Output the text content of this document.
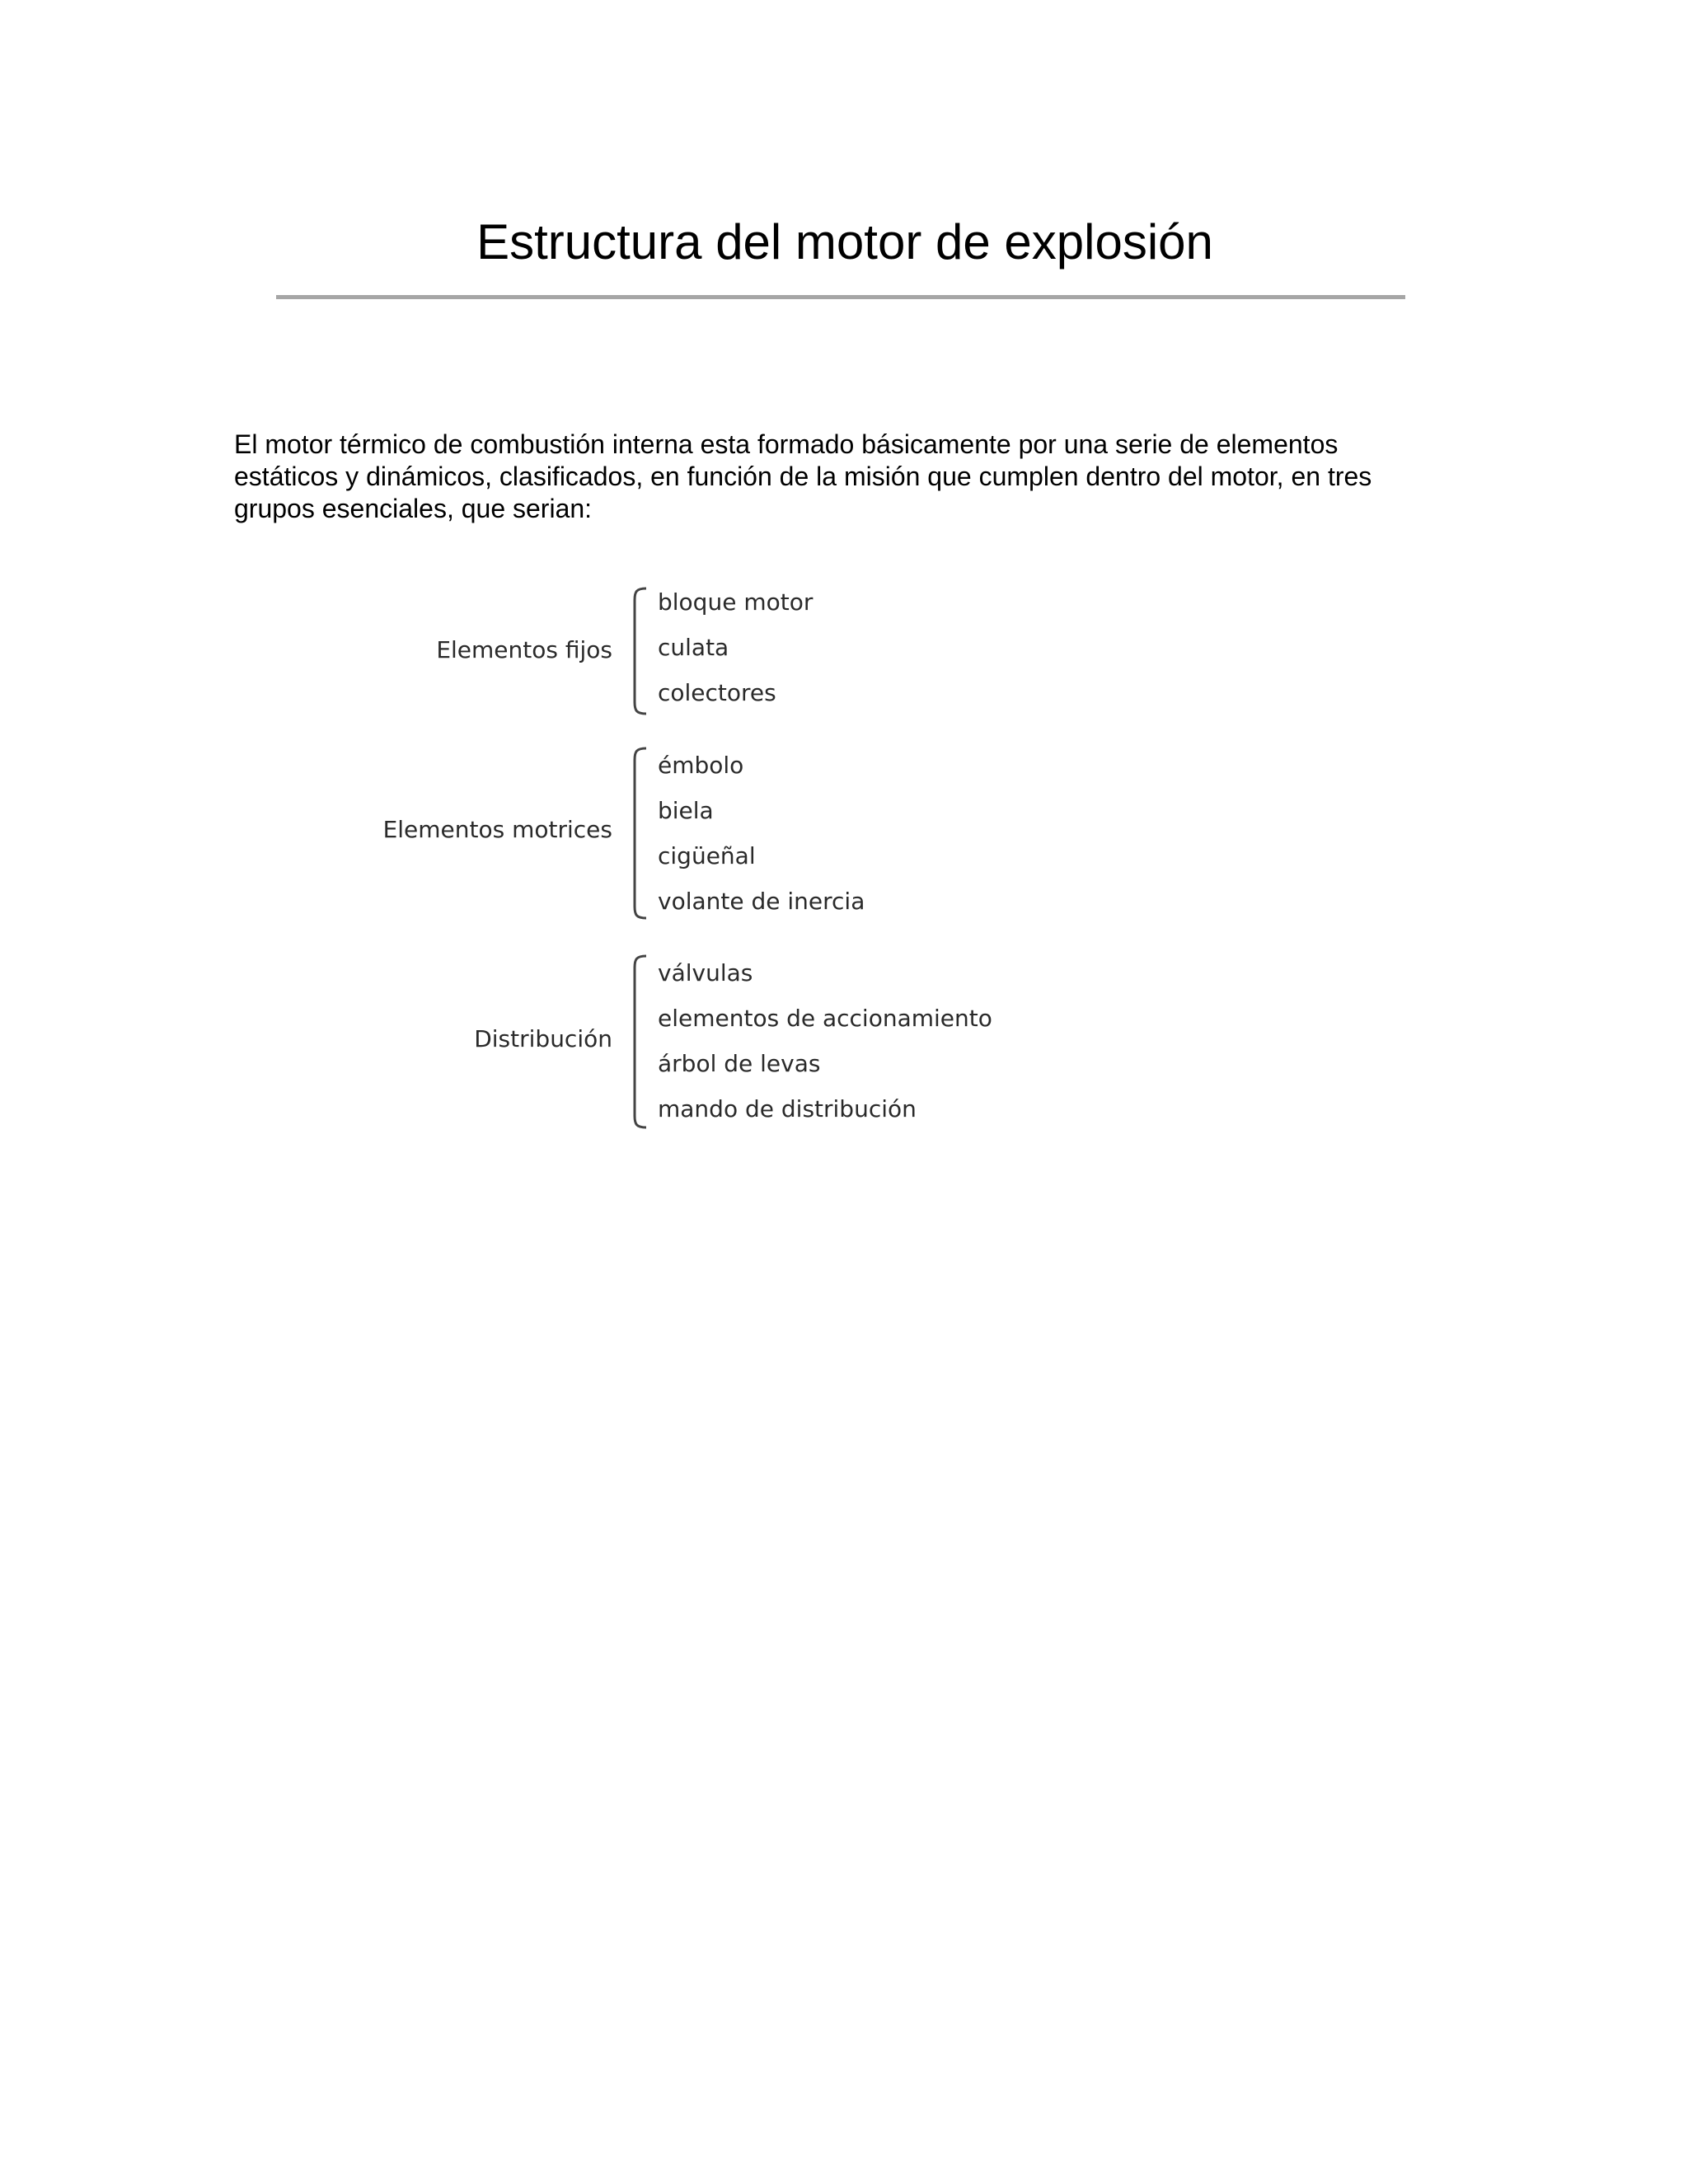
Estructura del motor de explosión

El motor térmico de combustión interna esta formado básicamente por una serie de elementos
estáticos y dinámicos, clasificados, en función de la misión que cumplen dentro del motor, en tres
grupos esenciales, que serian:

Elementos fijos
bloque motor
culata
colectores
Elementos motrices
émbolo
biela
cigüeñal
volante de inercia
Distribución
válvulas
elementos de accionamiento
árbol de levas
mando de distribución
